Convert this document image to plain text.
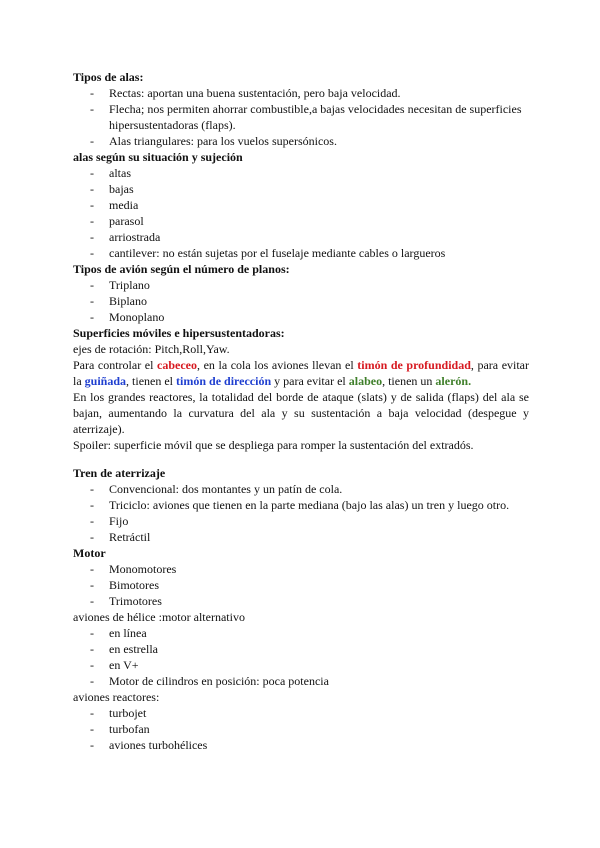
Tipos de alas:

- Rectas: aportan una buena sustentación, pero baja velocidad.
- Flecha; nos permiten ahorrar combustible,a bajas velocidades necesitan de superficies hipersustentadoras (flaps).
- Alas triangulares: para los vuelos supersónicos.

alas según su situación y sujeción

- altas
- bajas
- media
- parasol
- arriostrada
- cantilever: no están sujetas por el fuselaje mediante cables o largueros

Tipos de avión según el número de planos:

- Triplano
- Biplano
- Monoplano

Superficies móviles e hipersustentadoras:

ejes de rotación: Pitch,Roll,Yaw.

Para controlar el cabeceo, en la cola los aviones llevan el timón de profundidad, para evitar la guiñada, tienen el timón de dirección y para evitar el alabeo, tienen un alerón.

En los grandes reactores, la totalidad del borde de ataque (slats) y de salida (flaps) del ala se bajan, aumentando la curvatura del ala y su sustentación a baja velocidad (despegue y aterrizaje).

Spoiler: superficie móvil que se despliega para romper la sustentación del extradós.

Tren de aterrizaje

- Convencional: dos montantes y un patín de cola.
- Triciclo: aviones que tienen en la parte mediana (bajo las alas) un tren y luego otro.
- Fijo
- Retráctil

Motor

- Monomotores
- Bimotores
- Trimotores

aviones de hélice :motor alternativo

- en línea
- en estrella
- en V+
- Motor de cilindros en posición: poca potencia

aviones reactores:

- turbojet
- turbofan
- aviones turbohélices
